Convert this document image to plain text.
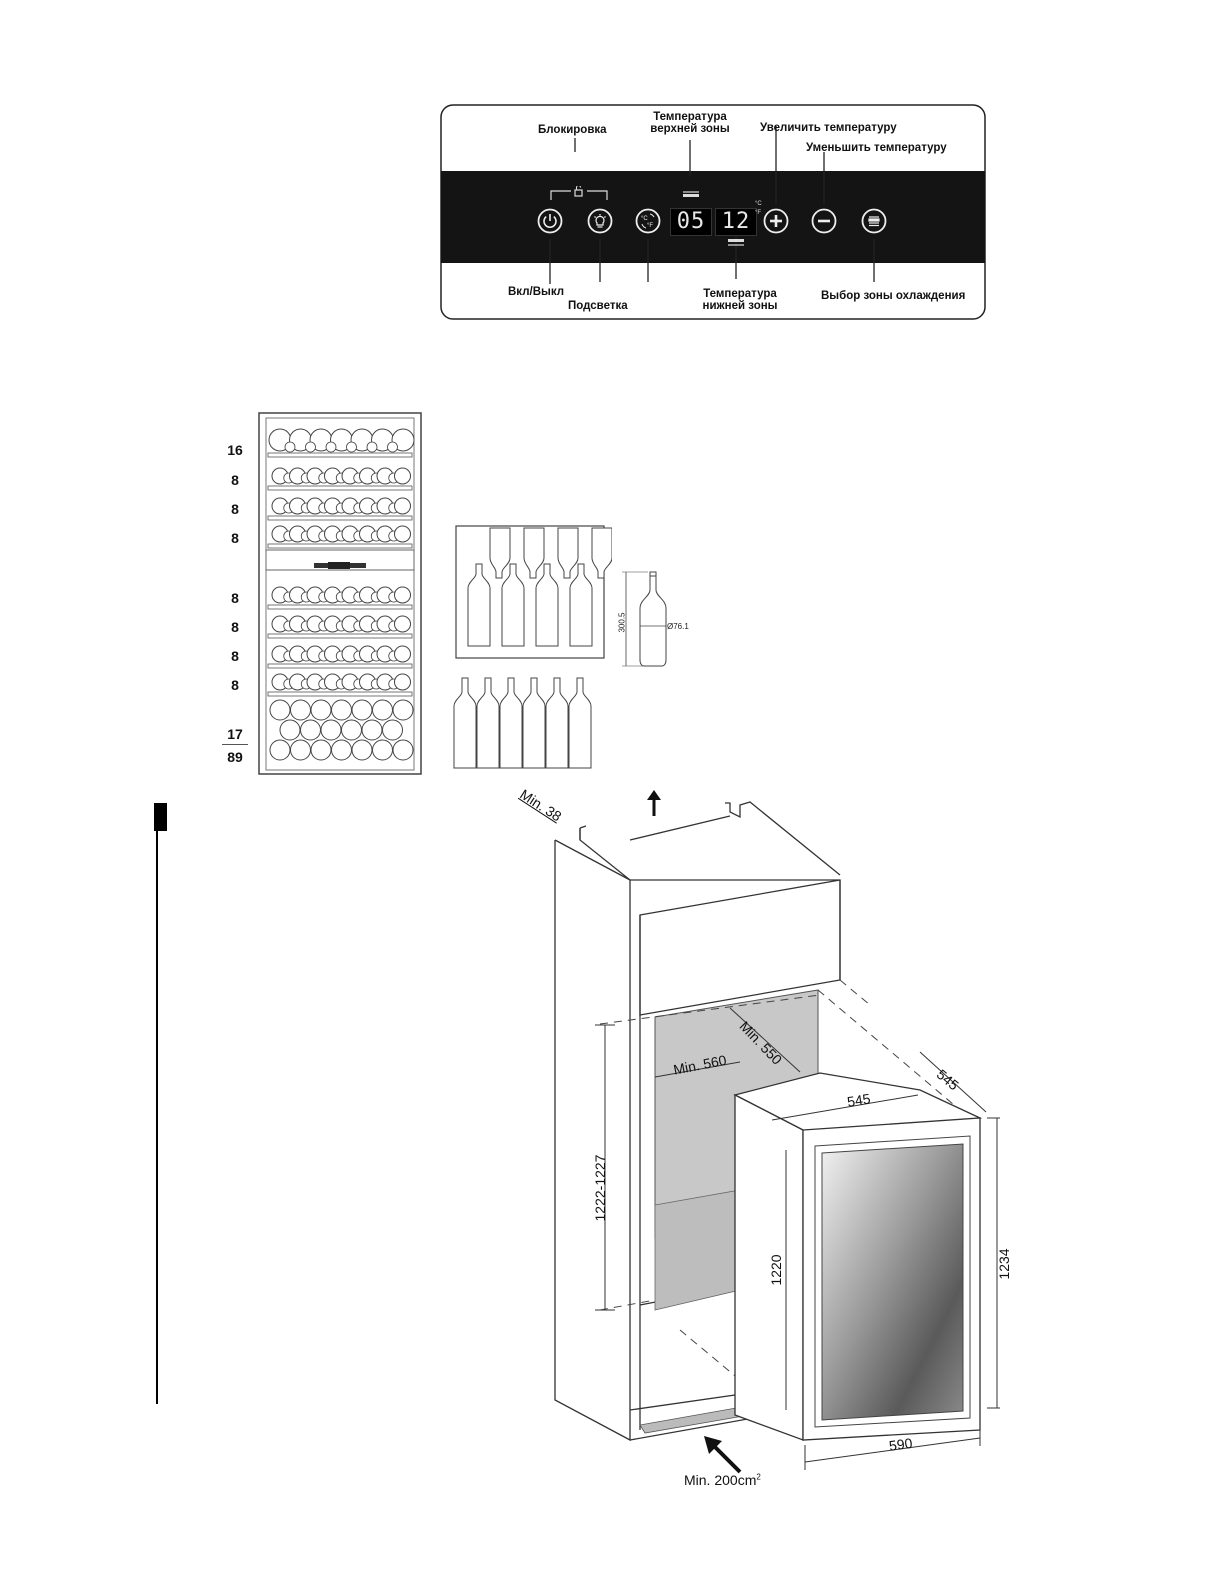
°C
°F 05 12
°C
°F
Блокировка
Температура
верхней зоны	Увеличить температуру
Уменьшить температуру
Вкл/Выкл
Подсветка
Температура
нижней зоны
Выбор зоны охлаждения
16
8
8
8
8
8
8
8
17
89
300.5	Ø76.1
Min. 38
Min. 560 Min. 550
1222-1227
545
545
1220	1234
590
Min. $200cm^2$
